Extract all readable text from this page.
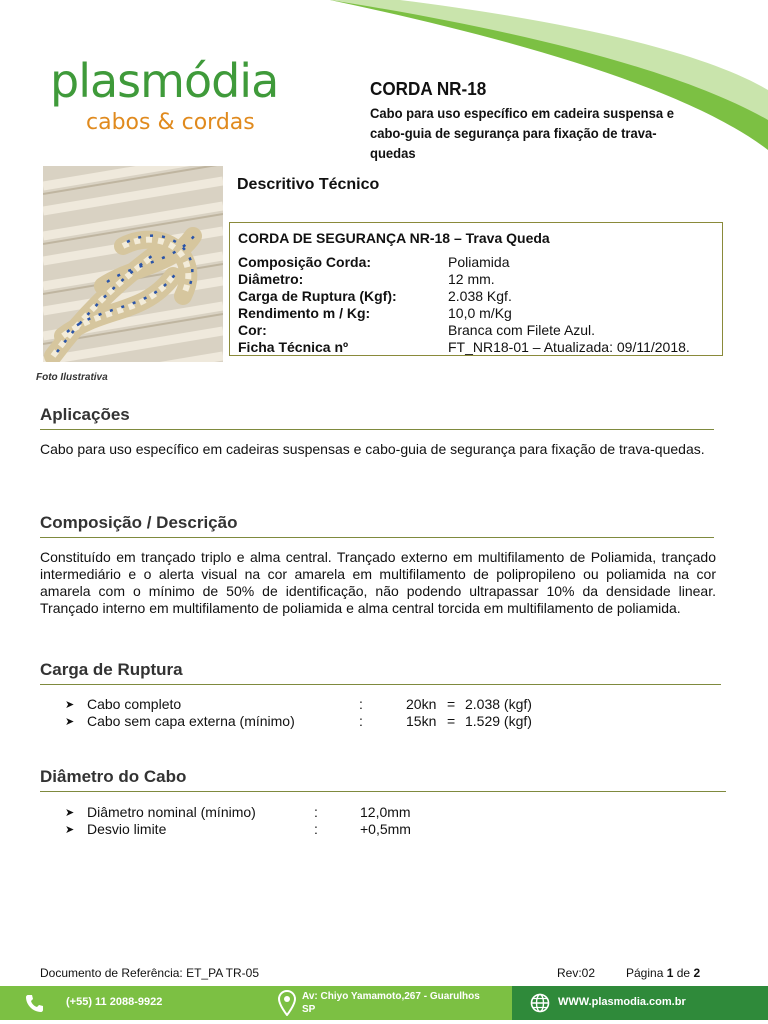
plasmódia
cabos & cordas
CORDA NR-18
Cabo para uso específico em cadeira suspensa e cabo-guia de segurança para fixação de trava-quedas
Foto Ilustrativa
Descritivo Técnico
CORDA DE SEGURANÇA NR-18 – Trava Queda
Composição Corda:	Poliamida
Diâmetro:	12 mm.
Carga de Ruptura (Kgf):	2.038 Kgf.
Rendimento m / Kg:	10,0 m/Kg
Cor:	Branca com Filete Azul.
Ficha Técnica nº	FT_NR18-01 – Atualizada: 09/11/2018.
Aplicações
Cabo para uso específico em cadeiras suspensas e cabo-guia de segurança para fixação de trava-quedas.
Composição / Descrição
Constituído em trançado triplo e alma central. Trançado externo em multifilamento de Poliamida, trançado intermediário e o alerta visual na cor amarela em multifilamento de polipropileno ou poliamida na cor amarela com o mínimo de 50% de identificação, não podendo ultrapassar 10% da densidade linear. Trançado interno em multifilamento de poliamida e alma central torcida em multifilamento de poliamida.
Carga de Ruptura
➤ Cabo completo	:	20kn = 2.038 (kgf)
➤ Cabo sem capa externa (mínimo)	:	15kn = 1.529 (kgf)
Diâmetro do Cabo
➤ Diâmetro nominal (mínimo)	:	12,0mm
➤ Desvio limite	:	+0,5mm
Documento de Referência: ET_PA TR-05	Rev:02	Página 1 de 2
(+55) 11 2088-9922	Av: Chiyo Yamamoto,267 - Guarulhos
SP
WWW.plasmodia.com.br
